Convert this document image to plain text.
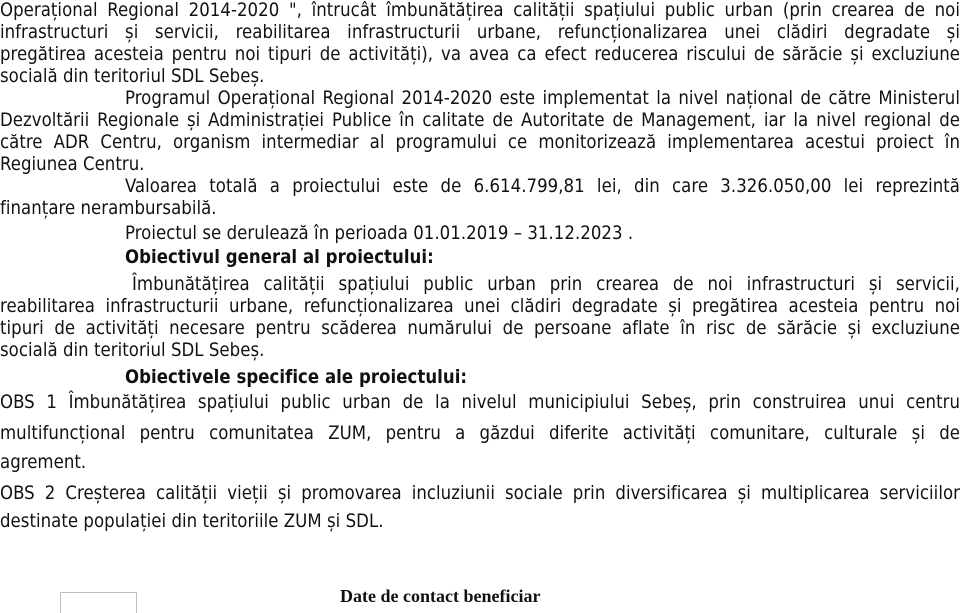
Operațional Regional 2014-2020 ", întrucât îmbunătățirea calității spațiului public urban (prin crearea de noi
infrastructuri și servicii, reabilitarea infrastructurii urbane, refuncționalizarea unei clădiri degradate și
pregătirea acesteia pentru noi tipuri de activități), va avea ca efect reducerea riscului de sărăcie și excluziune
socială din teritoriul SDL Sebeș.
Programul Operațional Regional 2014-2020 este implementat la nivel național de către Ministerul
Dezvoltării Regionale și Administrației Publice în calitate de Autoritate de Management, iar la nivel regional de
către ADR Centru, organism intermediar al programului ce monitorizează implementarea acestui proiect în
Regiunea Centru.
Valoarea totală a proiectului este de 6.614.799,81 lei, din care 3.326.050,00 lei reprezintă
finanțare nerambursabilă.
Proiectul se derulează în perioada 01.01.2019 – 31.12.2023 .
Obiectivul general al proiectului:
Îmbunătățirea calității spațiului public urban prin crearea de noi infrastructuri și servicii,
reabilitarea infrastructurii urbane, refuncționalizarea unei clădiri degradate și pregătirea acesteia pentru noi
tipuri de activități necesare pentru scăderea numărului de persoane aflate în risc de sărăcie și excluziune
socială din teritoriul SDL Sebeș.
Obiectivele specifice ale proiectului:
OBS 1 Îmbunătățirea spațiului public urban de la nivelul municipiului Sebeș, prin construirea unui centru
multifuncțional pentru comunitatea ZUM, pentru a găzdui diferite activități comunitare, culturale și de
agrement.
OBS 2 Creșterea calității vieții și promovarea incluziunii sociale prin diversificarea și multiplicarea serviciilor
destinate populației din teritoriile ZUM și SDL.
Date de contact beneficiar
